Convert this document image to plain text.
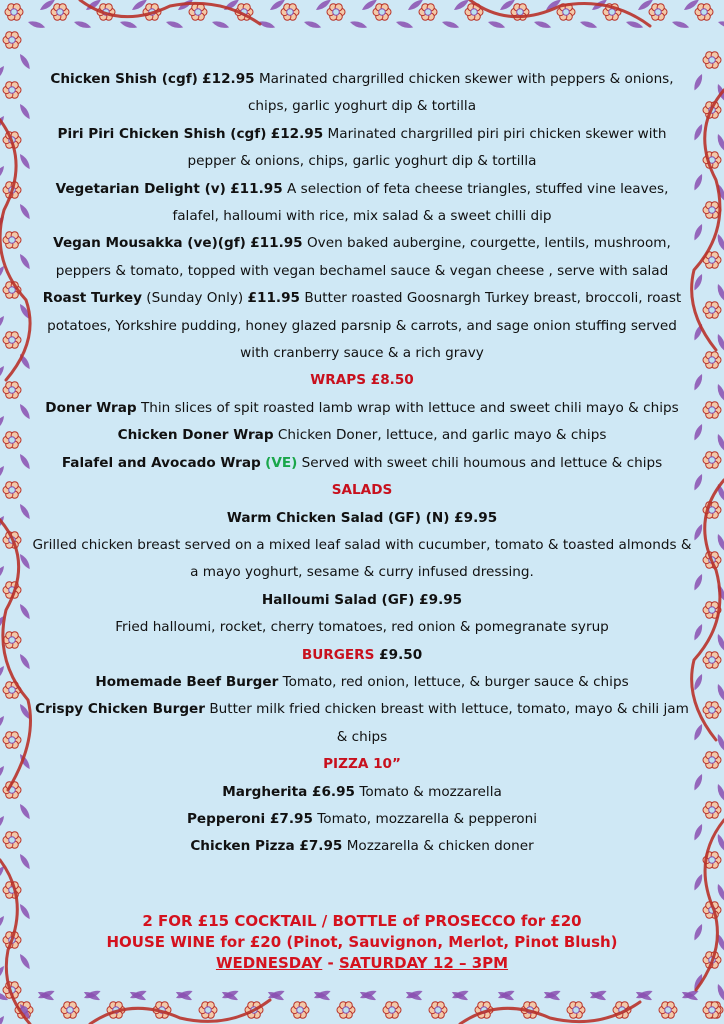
Chicken Shish (cgf) £12.95 Marinated chargrilled chicken skewer with peppers & onions, chips, garlic yoghurt dip & tortilla

Piri Piri Chicken Shish (cgf) £12.95 Marinated chargrilled piri piri chicken skewer with pepper & onions, chips, garlic yoghurt dip & tortilla

Vegetarian Delight (v) £11.95 A selection of feta cheese triangles, stuffed vine leaves, falafel, halloumi with rice, mix salad & a sweet chilli dip

Vegan Mousakka (ve)(gf) £11.95 Oven baked aubergine, courgette, lentils, mushroom, peppers & tomato, topped with vegan bechamel sauce & vegan cheese , serve with salad

Roast Turkey (Sunday Only) £11.95 Butter roasted Goosnargh Turkey breast, broccoli, roast potatoes, Yorkshire pudding, honey glazed parsnip & carrots, and sage onion stuffing served with cranberry sauce & a rich gravy

WRAPS £8.50

Doner Wrap Thin slices of spit roasted lamb wrap with lettuce and sweet chili mayo & chips

Chicken Doner Wrap Chicken Doner, lettuce, and garlic mayo & chips

Falafel and Avocado Wrap (VE) Served with sweet chili houmous and lettuce & chips

SALADS

Warm Chicken Salad (GF) (N) £9.95

Grilled chicken breast served on a mixed leaf salad with cucumber, tomato & toasted almonds & a mayo yoghurt, sesame & curry infused dressing.

Halloumi Salad (GF) £9.95

Fried halloumi, rocket, cherry tomatoes, red onion & pomegranate syrup

BURGERS £9.50

Homemade Beef Burger Tomato, red onion, lettuce, & burger sauce & chips

Crispy Chicken Burger Butter milk fried chicken breast with lettuce, tomato, mayo & chili jam & chips

PIZZA 10”

Margherita £6.95 Tomato & mozzarella

Pepperoni £7.95 Tomato, mozzarella & pepperoni

Chicken Pizza £7.95 Mozzarella & chicken doner

2 FOR £15 COCKTAIL / BOTTLE of PROSECCO for £20
HOUSE WINE for £20 (Pinot, Sauvignon, Merlot, Pinot Blush)
WEDNESDAY - SATURDAY 12 – 3PM
